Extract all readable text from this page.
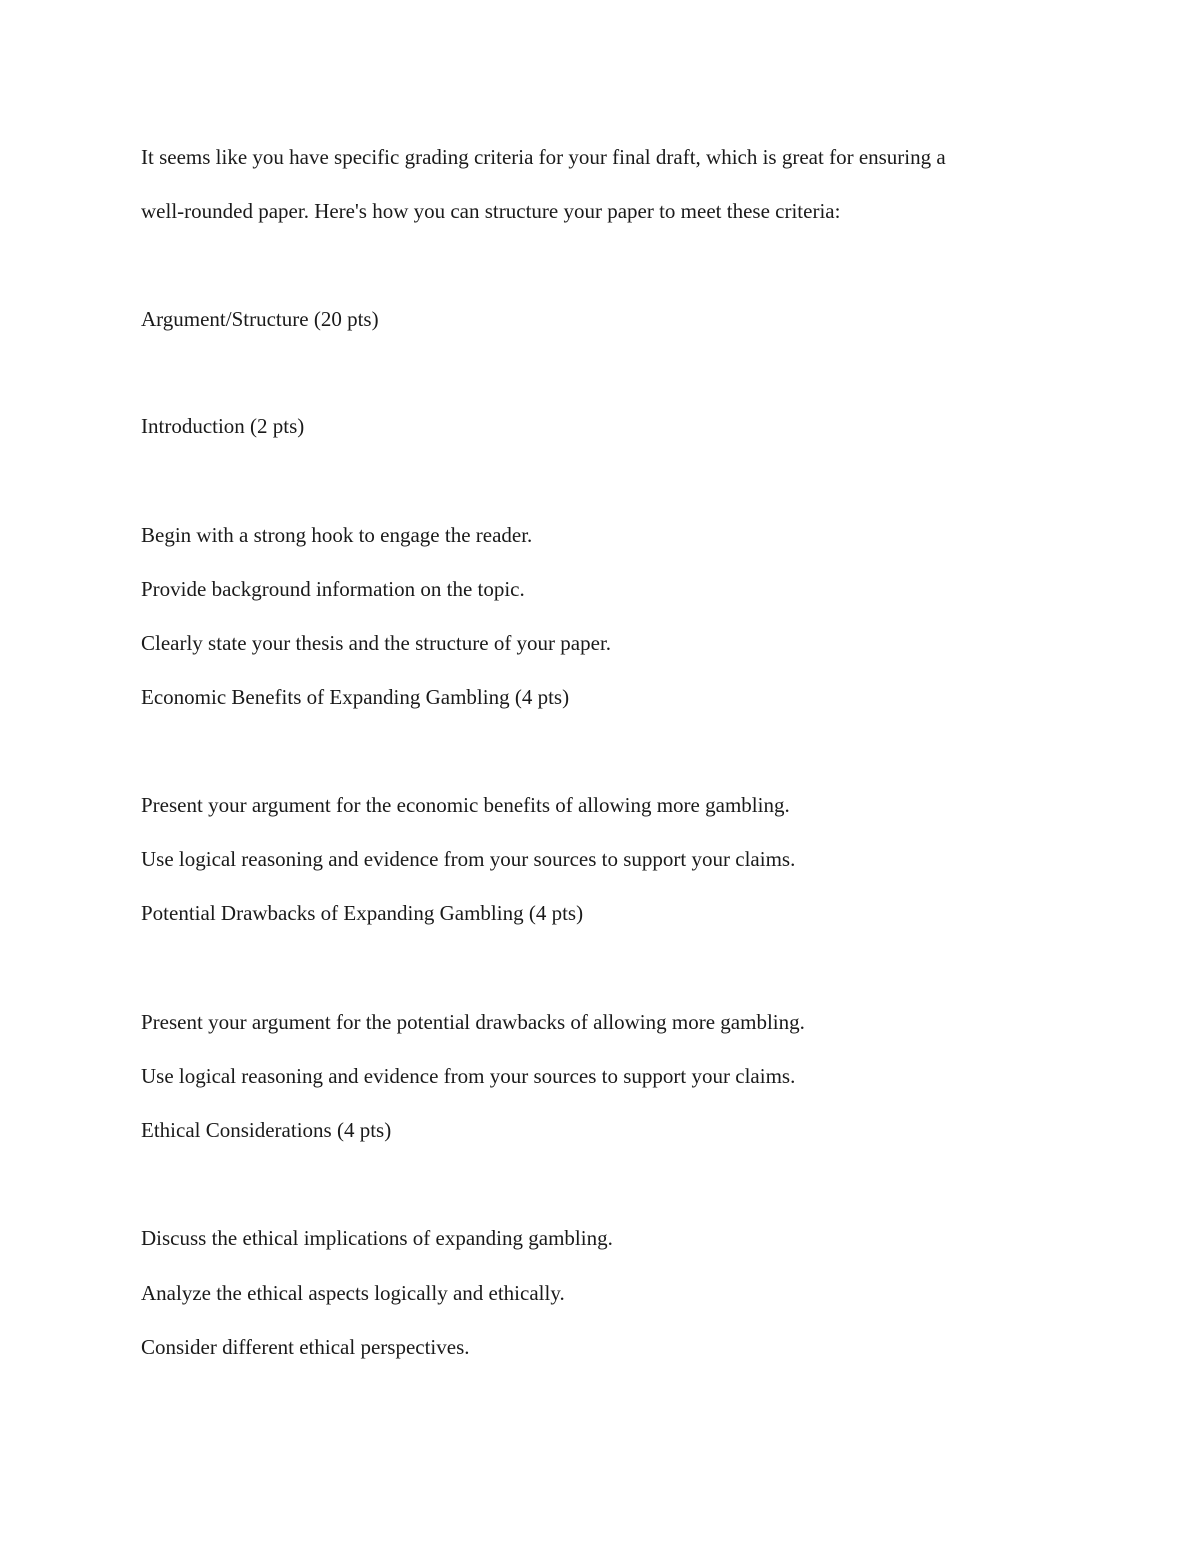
It seems like you have specific grading criteria for your final draft, which is great for ensuring a

well-rounded paper. Here's how you can structure your paper to meet these criteria:

Argument/Structure (20 pts)

Introduction (2 pts)

Begin with a strong hook to engage the reader.

Provide background information on the topic.

Clearly state your thesis and the structure of your paper.

Economic Benefits of Expanding Gambling (4 pts)

Present your argument for the economic benefits of allowing more gambling.

Use logical reasoning and evidence from your sources to support your claims.

Potential Drawbacks of Expanding Gambling (4 pts)

Present your argument for the potential drawbacks of allowing more gambling.

Use logical reasoning and evidence from your sources to support your claims.

Ethical Considerations (4 pts)

Discuss the ethical implications of expanding gambling.

Analyze the ethical aspects logically and ethically.

Consider different ethical perspectives.
